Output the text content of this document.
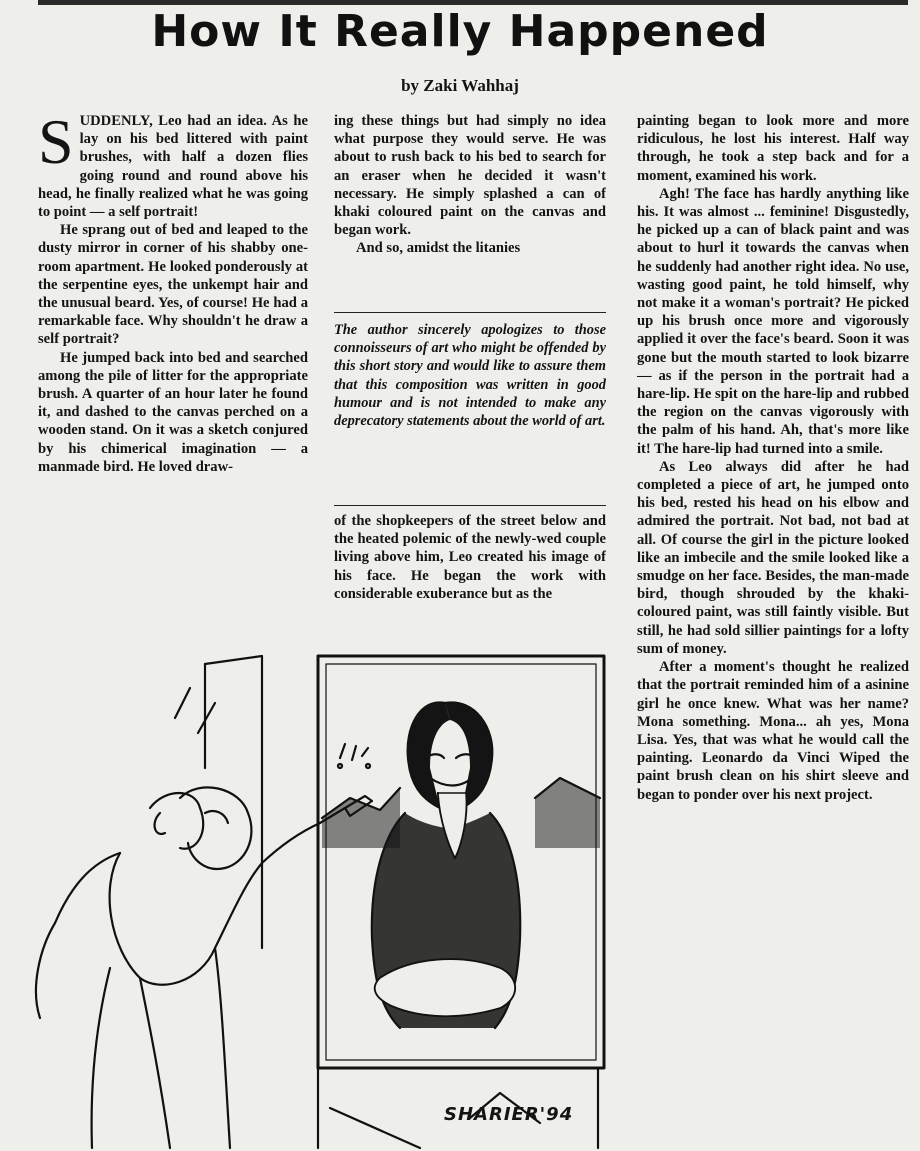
How It Really Happened
by Zaki Wahhaj
S UDDENLY, Leo had an idea. As he lay on his bed littered with paint brushes, with half a dozen flies going round and round above his head, he finally realized what he was going to point — a self portrait!

He sprang out of bed and leaped to the dusty mirror in corner of his shabby one-room apartment. He looked ponderously at the serpentine eyes, the unkempt hair and the unusual beard. Yes, of course! He had a remarkable face. Why shouldn't he draw a self portrait?

He jumped back into bed and searched among the pile of litter for the appropriate brush. A quarter of an hour later he found it, and dashed to the canvas perched on a wooden stand. On it was a sketch conjured by his chimerical imagination — a manmade bird. He loved draw-

ing these things but had simply no idea what purpose they would serve. He was about to rush back to his bed to search for an eraser when he decided it wasn't necessary. He simply splashed a can of khaki coloured paint on the canvas and began work.

And so, amidst the litanies

The author sincerely apologizes to those connoisseurs of art who might be offended by this short story and would like to assure them that this composition was written in good humour and is not intended to make any deprecatory statements about the world of art.

of the shopkeepers of the street below and the heated polemic of the newly-wed couple living above him, Leo created his image of his face. He began the work with considerable exuberance but as the

painting began to look more and more ridiculous, he lost his interest. Half way through, he took a step back and for a moment, examined his work.

Agh! The face has hardly anything like his. It was almost ... feminine! Disgustedly, he picked up a can of black paint and was about to hurl it towards the canvas when he suddenly had another right idea. No use, wasting good paint, he told himself, why not make it a woman's portrait? He picked up his brush once more and vigorously applied it over the face's beard. Soon it was gone but the mouth started to look bizarre — as if the person in the portrait had a hare-lip. He spit on the hare-lip and rubbed the region on the canvas vigorously with the palm of his hand. Ah, that's more like it! The hare-lip had turned into a smile.

As Leo always did after he had completed a piece of art, he jumped onto his bed, rested his head on his elbow and admired the portrait. Not bad, not bad at all. Of course the girl in the picture looked like an imbecile and the smile looked like a smudge on her face. Besides, the man-made bird, though shrouded by the khaki-coloured paint, was still faintly visible. But still, he had sold sillier paintings for a lofty sum of money.

After a moment's thought he realized that the portrait reminded him of a asinine girl he once knew. What was her name? Mona something. Mona... ah yes, Mona Lisa. Yes, that was what he would call the painting. Leonardo da Vinci Wiped the paint brush clean on his shirt sleeve and began to ponder over his next project.

SHARIER'94
